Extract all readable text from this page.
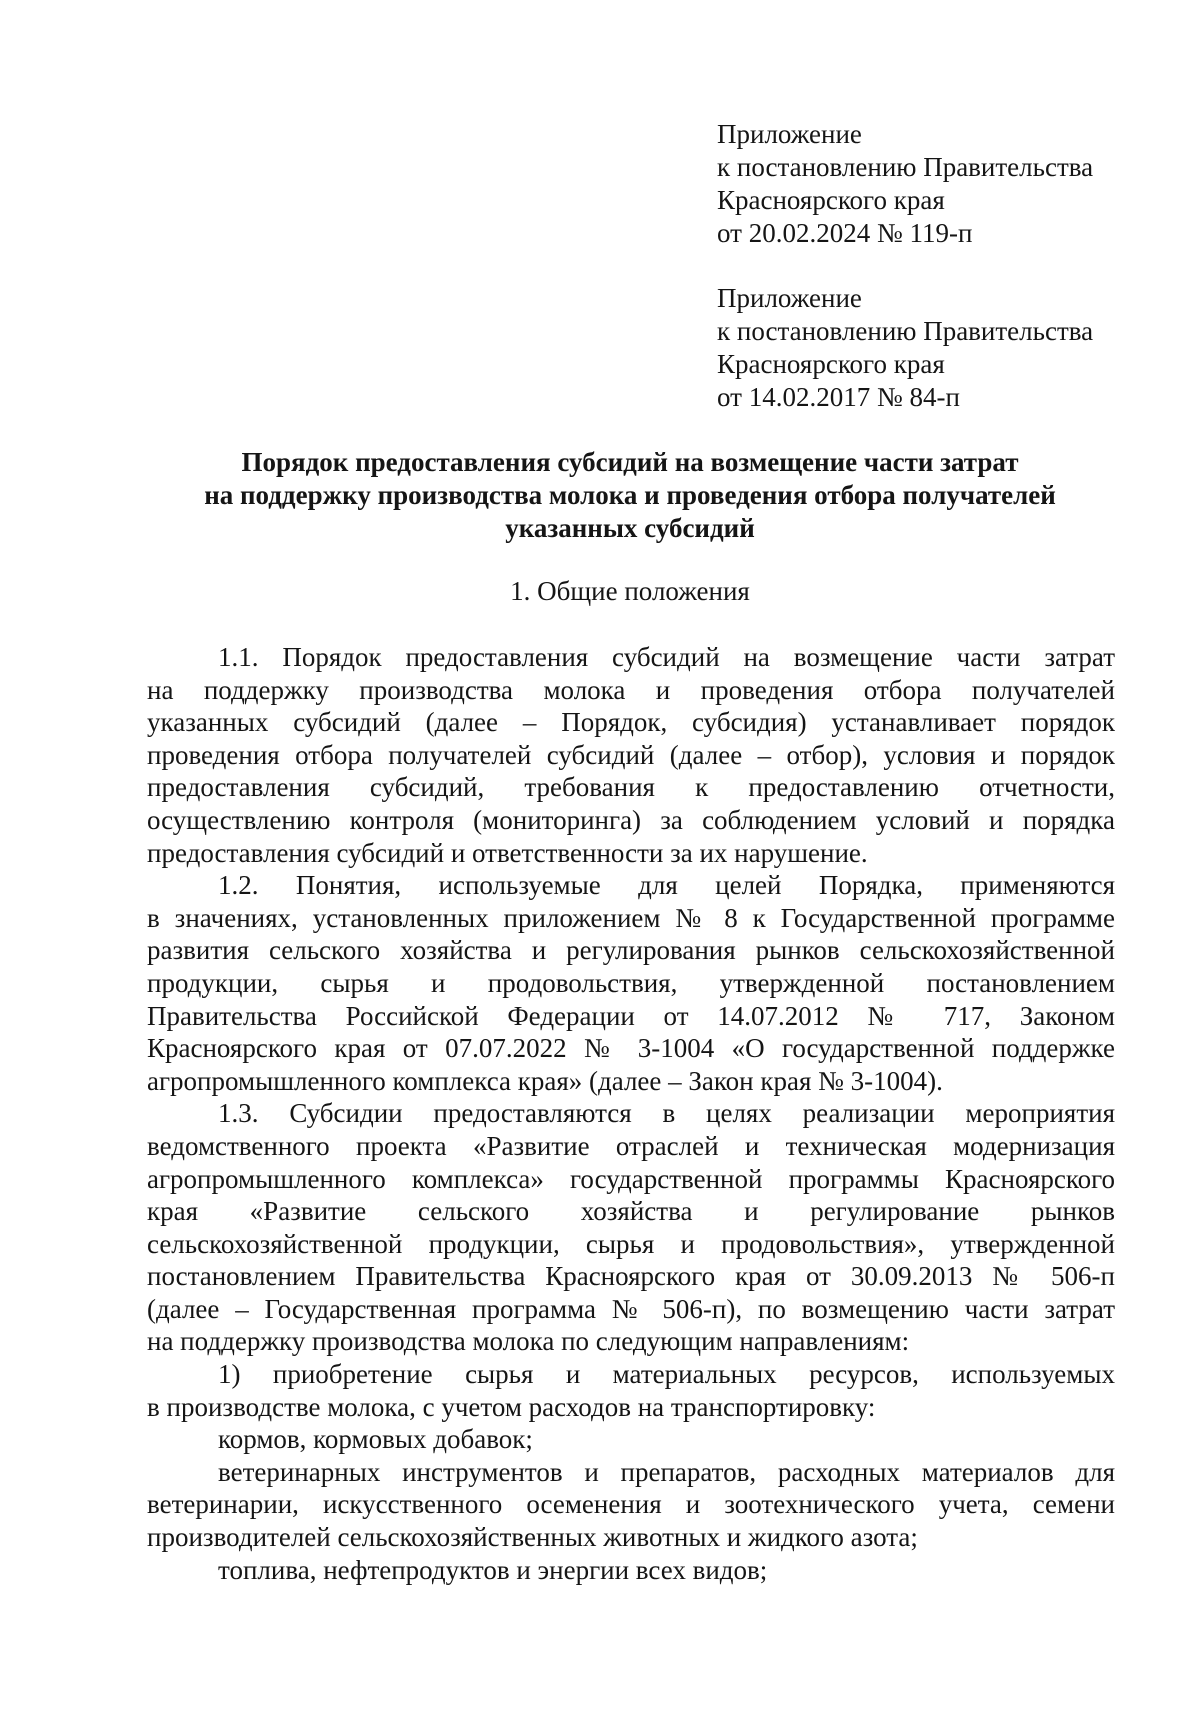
Приложение
к постановлению Правительства
Красноярского края
от 20.02.2024 № 119-п
Приложение
к постановлению Правительства
Красноярского края
от 14.02.2017 № 84-п
Порядок предоставления субсидий на возмещение части затрат
на поддержку производства молока и проведения отбора получателей
указанных субсидий
1. Общие положения
1.1. Порядок предоставления субсидий на возмещение части затрат
на поддержку производства молока и проведения отбора получателей
указанных субсидий (далее – Порядок, субсидия) устанавливает порядок
проведения отбора получателей субсидий (далее – отбор), условия и порядок
предоставления субсидий, требования к предоставлению отчетности,
осуществлению контроля (мониторинга) за соблюдением условий и порядка
предоставления субсидий и ответственности за их нарушение.
1.2. Понятия, используемые для целей Порядка, применяются
в значениях, установленных приложением № 8 к Государственной программе
развития сельского хозяйства и регулирования рынков сельскохозяйственной
продукции, сырья и продовольствия, утвержденной постановлением
Правительства Российской Федерации от 14.07.2012 № 717, Законом
Красноярского края от 07.07.2022 № 3-1004 «О государственной поддержке
агропромышленного комплекса края» (далее – Закон края № 3-1004).
1.3. Субсидии предоставляются в целях реализации мероприятия
ведомственного проекта «Развитие отраслей и техническая модернизация
агропромышленного комплекса» государственной программы Красноярского
края «Развитие сельского хозяйства и регулирование рынков
сельскохозяйственной продукции, сырья и продовольствия», утвержденной
постановлением Правительства Красноярского края от 30.09.2013 № 506-п
(далее – Государственная программа № 506-п), по возмещению части затрат
на поддержку производства молока по следующим направлениям:
1) приобретение сырья и материальных ресурсов, используемых
в производстве молока, с учетом расходов на транспортировку:
кормов, кормовых добавок;
ветеринарных инструментов и препаратов, расходных материалов для
ветеринарии, искусственного осеменения и зоотехнического учета, семени
производителей сельскохозяйственных животных и жидкого азота;
топлива, нефтепродуктов и энергии всех видов;
